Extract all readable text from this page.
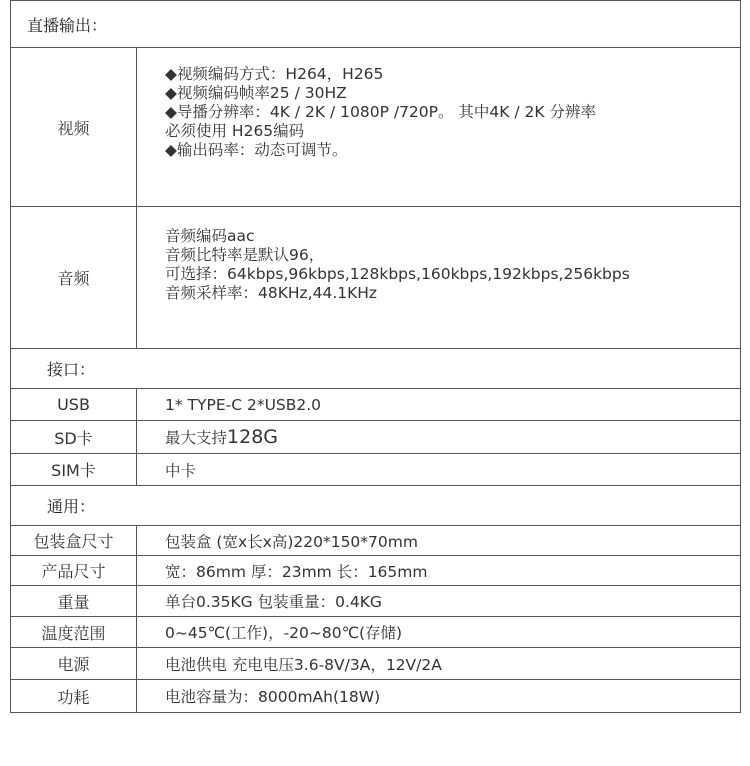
直播输出：	
视频	◆视频编码方式：H264，H265
◆视频编码帧率25 / 30HZ
◆导播分辨率：4K / 2K / 1080P /720P。 其中4K / 2K 分辨率
必须使用 H265编码
◆输出码率：动态可调节。

音频	音频编码aac
音频比特率是默认96，
可选择：64kbps,96kbps,128kbps,160kbps,192kbps,256kbps
音频采样率：48KHz,44.1KHz

接口：	
USB	1* TYPE-C 2*USB2.0
SD卡	最大支持128G
SIM卡	中卡
通用：	
包装盒尺寸	包装盒 (宽x长x高)220*150*70mm
产品尺寸	宽：86mm 厚：23mm 长：165mm
重量	单台0.35KG 包装重量：0.4KG
温度范围	0~45℃(工作)，-20~80℃(存储)
电源	电池供电 充电电压3.6-8V/3A，12V/2A
功耗	电池容量为：8000mAh(18W)
